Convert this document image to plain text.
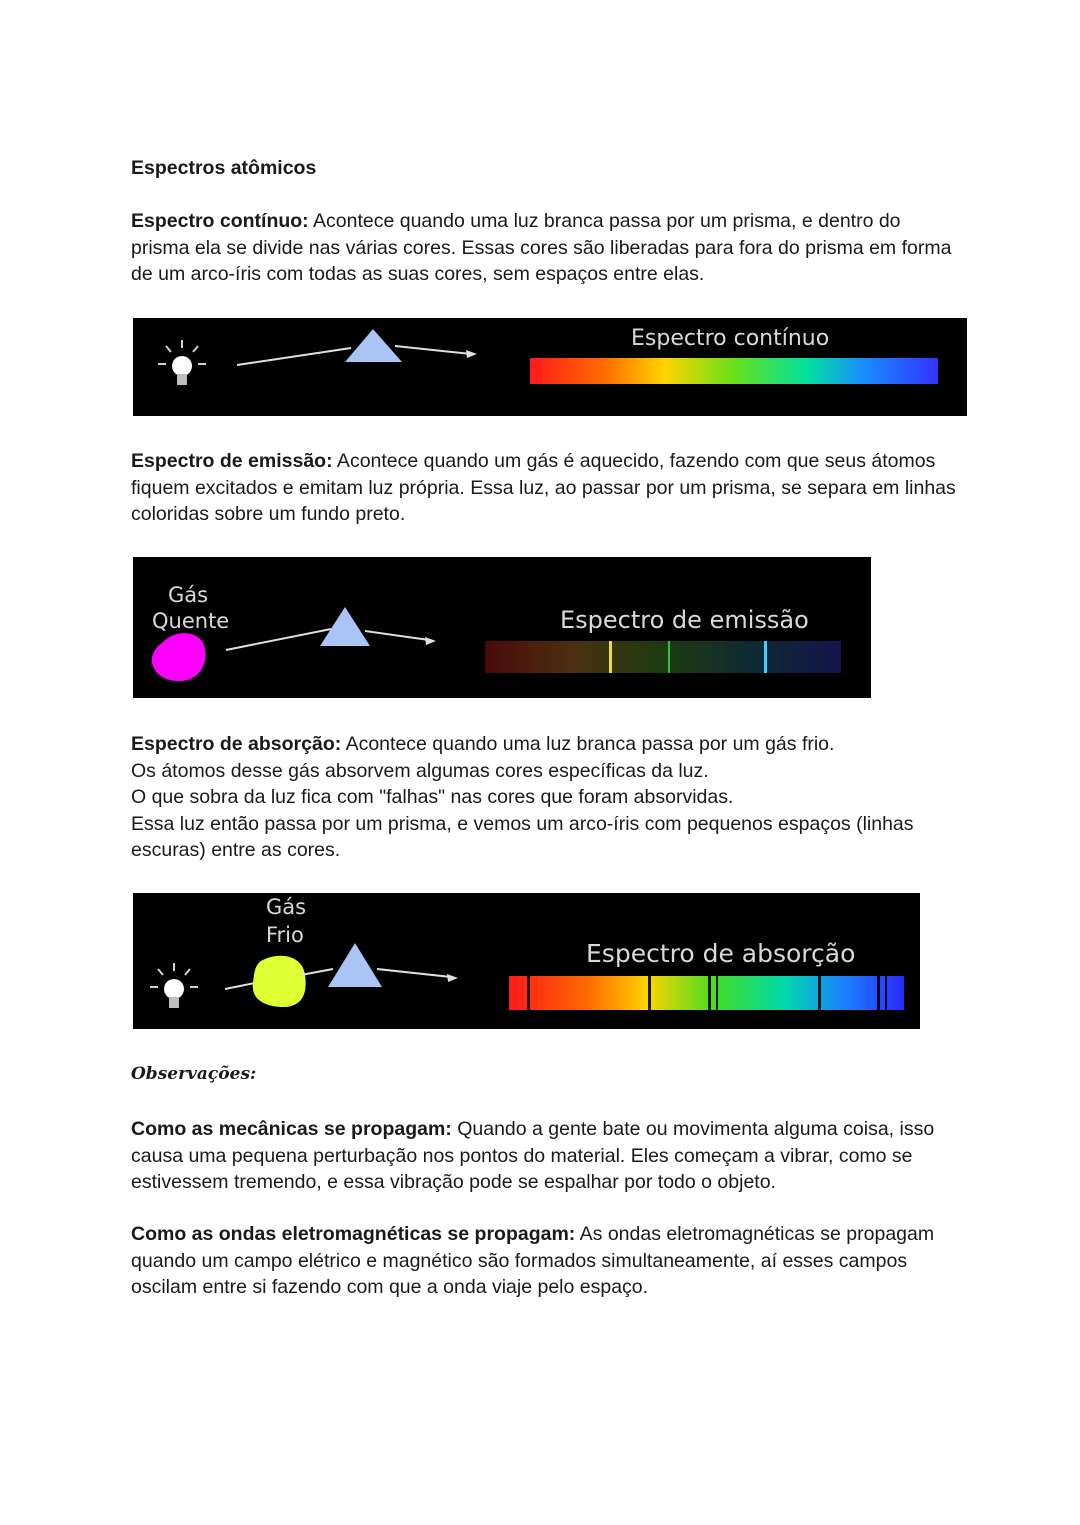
Espectros atômicos

Espectro contínuo: Acontece quando uma luz branca passa por um prisma, e dentro do prisma ela se divide nas várias cores. Essas cores são liberadas para fora do prisma em forma de um arco-íris com todas as suas cores, sem espaços entre elas.

Espectro contínuo

Espectro de emissão: Acontece quando um gás é aquecido, fazendo com que seus átomos fiquem excitados e emitam luz própria. Essa luz, ao passar por um prisma, se separa em linhas coloridas sobre um fundo preto.

Gás
Quente	Espectro de emissão

Espectro de absorção: Acontece quando uma luz branca passa por um gás frio.
Os átomos desse gás absorvem algumas cores específicas da luz.
O que sobra da luz fica com "falhas" nas cores que foram absorvidas.
Essa luz então passa por um prisma, e vemos um arco-íris com pequenos espaços (linhas escuras) entre as cores.

Gás
Frio
Espectro de absorção
Observações:

Como as mecânicas se propagam: Quando a gente bate ou movimenta alguma coisa, isso causa uma pequena perturbação nos pontos do material. Eles começam a vibrar, como se estivessem tremendo, e essa vibração pode se espalhar por todo o objeto.

Como as ondas eletromagnéticas se propagam: As ondas eletromagnéticas se propagam quando um campo elétrico e magnético são formados simultaneamente, aí esses campos oscilam entre si fazendo com que a onda viaje pelo espaço.
